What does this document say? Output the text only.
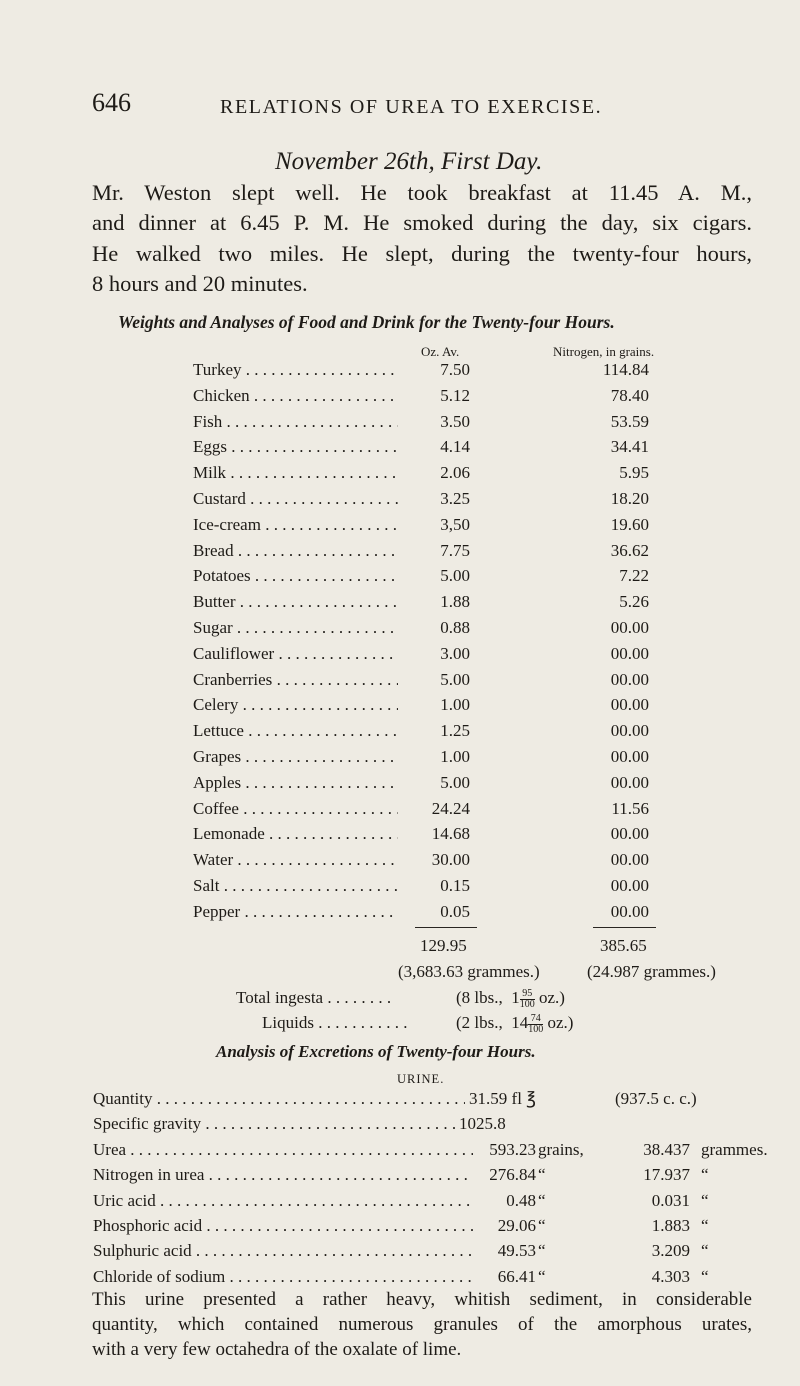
646	RELATIONS OF UREA TO EXERCISE.
November 26th, First Day.
Mr. Weston slept well. He took breakfast at 11.45 A. M.,
and dinner at 6.45 P. M. He smoked during the day, six cigars.
He walked two miles. He slept, during the twenty-four hours,
8 hours and 20 minutes.
Weights and Analyses of Food and Drink for the Twenty-four Hours.
Oz. Av.	Nitrogen, in grains.
Turkey . . .	7.50	114.84
Chicken . . .	5.12	78.40
Fish . . .	3.50	53.59
Eggs . . .	4.14	34.41
Milk . . .	2.06	5.95
Custard . . .	3.25	18.20
Ice-cream . . .	3,50	19.60
Bread . . .	7.75	36.62
Potatoes . . .	5.00	7.22
Butter . . .	1.88	5.26
Sugar . . .	0.88	00.00
Cauliflower . . .	3.00	00.00
Cranberries . . .	5.00	00.00
Celery . . .	1.00	00.00
Lettuce . . .	1.25	00.00
Grapes . . .	1.00	00.00
Apples . . .	5.00	00.00
Coffee . . .	24.24	11.56
Lemonade . . .	14.68	00.00
Water . . .	30.00	00.00
Salt . . .	0.15	00.00
Pepper . . .	0.05	00.00
129.95	385.65
(3,683.63 grammes.)	(24.987 grammes.)
Total ingesta . . . . . . . .	(8 lbs., $1 \frac{95}{100} oz$.)
Liquids . . . . . . . . . . .	(2 lbs., $14 \frac{74}{100} oz$.)
Analysis of Excretions of Twenty-four Hours.
URINE.
Quantity . . .	31.59 fl ℥	(937.5 c. c.)
Specific gravity . . .	1025.8
Urea . . .	593.23 grains,	38.437 grammes.
Nitrogen in urea . . .	276.84 “	17.937 “
Uric acid . . .	0.48 “	0.031 “
Phosphoric acid . . .	29.06 “	1.883 “
Sulphuric acid . . .	49.53 “	3.209 “
Chloride of sodium . . .	66.41 “	4.303 “
This urine presented a rather heavy, whitish sediment, in considerable
quantity, which contained numerous granules of the amorphous urates,
with a very few octahedra of the oxalate of lime.
